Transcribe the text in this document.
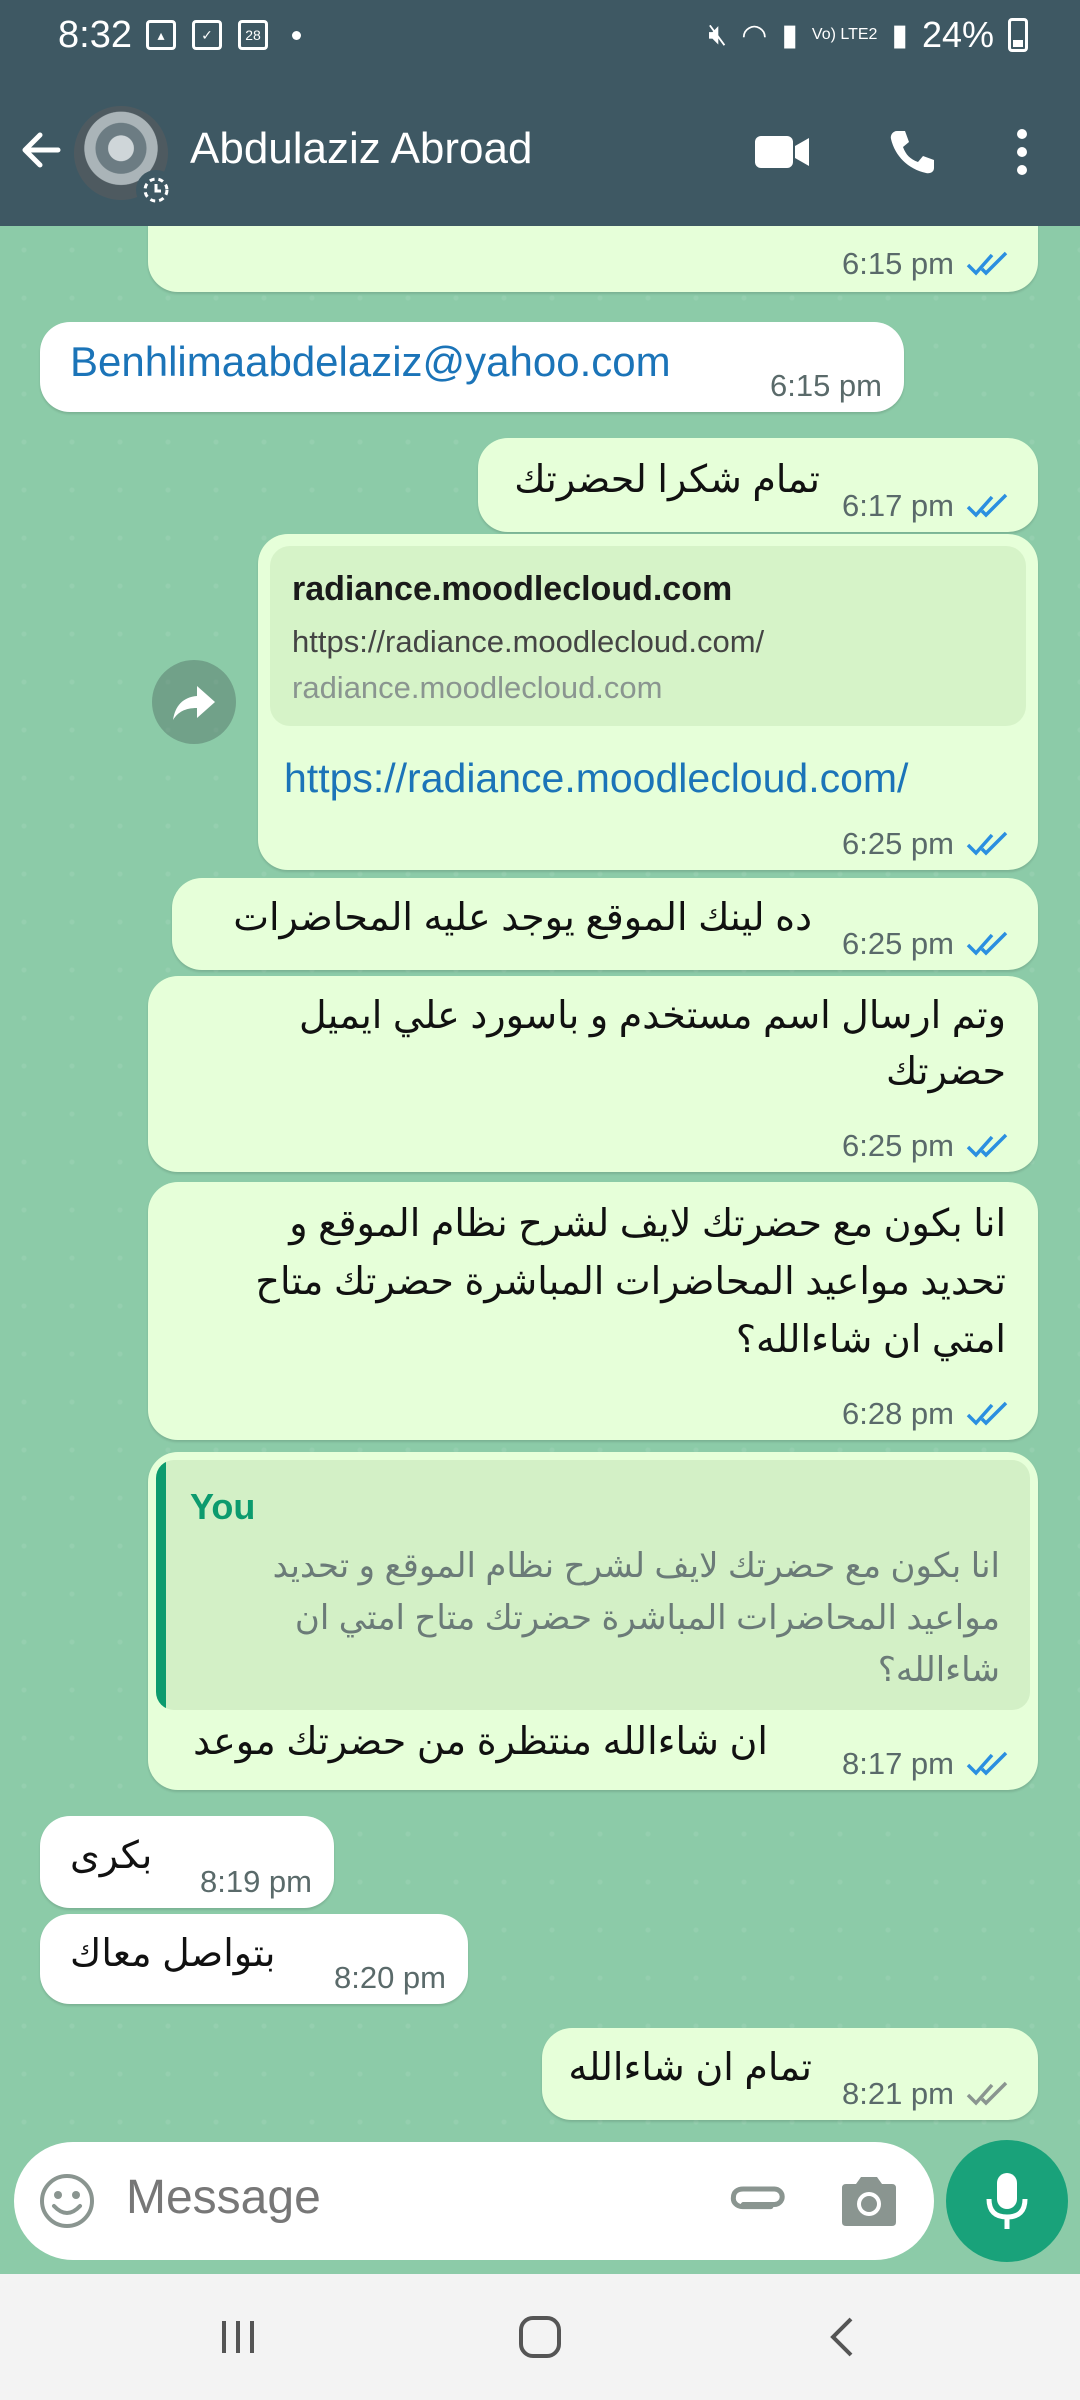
8:32	▴	✓	28	🔇︎ ◠ ▮ Vo) LTE2 ▮ 24%
Abdulaziz Abroad
6:15 pm
Benhlimaabdelaziz@yahoo.com
6:15 pm
تمام شكرا لحضرتك
6:17 pm
radiance.moodlecloud.com
https://radiance.moodlecloud.com/
radiance.moodlecloud.com
https://radiance.moodlecloud.com/
6:25 pm
ده لينك الموقع يوجد عليه المحاضرات
6:25 pm
وتم ارسال اسم مستخدم و باسورد علي ايميل
حضرتك
6:25 pm
انا بكون مع حضرتك لايف لشرح نظام الموقع و
تحديد مواعيد المحاضرات المباشرة حضرتك متاح
امتي ان شاءالله؟
6:28 pm
You
انا بكون مع حضرتك لايف لشرح نظام الموقع و تحديد
مواعيد المحاضرات المباشرة حضرتك متاح امتي ان
شاءالله؟
ان شاءالله منتظرة من حضرتك موعد
8:17 pm
بكرى
8:19 pm
بتواصل معاك
8:20 pm
تمام ان شاءالله
8:21 pm
Message
